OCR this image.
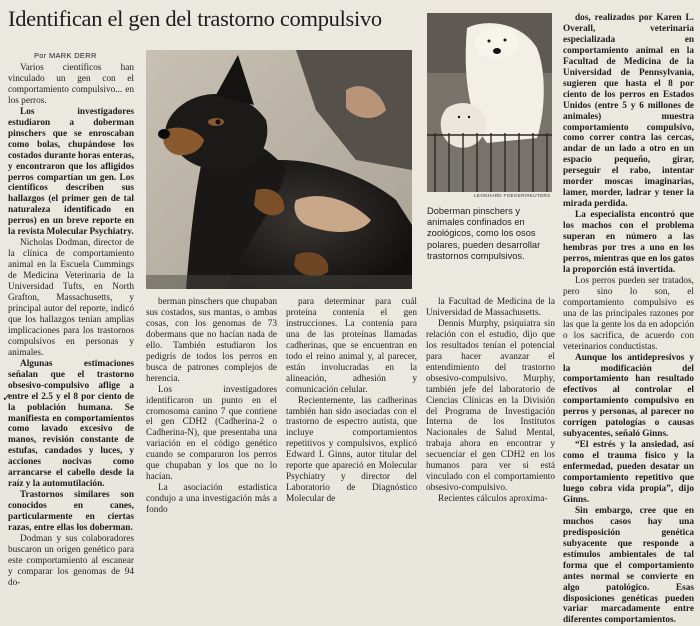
Identifican el gen del trastorno compulsivo
Por MARK DERR

Varios científicos han vinculado un gen con el comportamiento compulsivo... en los perros.

Los investigadores estudiaron a doberman pinschers que se enroscaban como bolas, chupándose los costados durante horas enteras, y encontraron que los afligidos perros compartían un gen. Los científicos describen sus hallazgos (el primer gen de tal naturaleza identificado en perros) en un breve reporte en la revista Molecular Psychiatry.

Nicholas Dodman, director de la clínica de comportamiento animal en la Escuela Cummings de Medicina Veterinaria de la Universidad Tufts, en North Grafton, Massachusetts, y principal autor del reporte, indicó que los hallazgos tenían amplias implicaciones para los trastornos compulsivos en personas y animales.

Algunas estimaciones señalan que el trastorno obsesivo-compulsivo aflige a entre el 2.5 y el 8 por ciento de la población humana. Se manifiesta en comportamientos como lavado excesivo de manos, revisión constante de estufas, candados y luces, y acciones nocivas como arrancarse el cabello desde la raíz y la automutilación.

Trastornos similares son conocidos en canes, particularmente en ciertas razas, entre ellas los doberman.

Dodman y sus colaboradores buscaron un origen genético para este comportamiento al escanear y comparar los genomas de 94 do-

LEONHARD FOEGER/REUTERS
Doberman pinschers y animales confinados en zoológicos, como los osos polares, pueden desarrollar trastornos compulsivos.

berman pinschers que chupaban sus costados, sus mantas, o ambas cosas, con los genomas de 73 dobermans que no hacían nada de ello. También estudiaron los pedigrís de todos los perros en busca de patrones complejos de herencia.

Los investigadores identificaron un punto en el cromosoma canino 7 que contiene el gen CDH2 (Cadherina-2 o Cadherina-N), que presentaba una variación en el código genético cuando se compararon los perros que chupaban y los que no lo hacían.

La asociación estadística condujo a una investigación más a fondo

para determinar para cuál proteína contenía el gen instrucciones. La contenía para una de las proteínas llamadas cadherinas, que se encuentran en todo el reino animal y, al parecer, están involucradas en la alineación, adhesión y comunicación celular.

Recientemente, las cadherinas también han sido asociadas con el trastorno de espectro autista, que incluye comportamientos repetitivos y compulsivos, explicó Edward I. Ginns, autor titular del reporte que apareció en Molecular Psychiatry y director del Laboratorio de Diagnóstico Molecular de

la Facultad de Medicina de la Universidad de Massachusetts.

Dennis Murphy, psiquiatra sin relación con el estudio, dijo que los resultados tenían el potencial para hacer avanzar el entendimiento del trastorno obsesivo-compulsivo. Murphy, también jefe del laboratorio de Ciencias Clínicas en la División del Programa de Investigación Interna de los Institutos Nacionales de Salud Mental, trabaja ahora en encontrar y secuenciar el gen CDH2 en los humanos para ver si está vinculado con el comportamiento obsesivo-compulsivo.

Recientes cálculos aproxima-

dos, realizados por Karen L. Overall, veterinaria especializada en comportamiento animal en la Facultad de Medicina de la Universidad de Pennsylvania, sugieren que hasta el 8 por ciento de los perros en Estados Unidos (entre 5 y 6 millones de animales) muestra comportamiento compulsivo, como correr contra las cercas, andar de un lado a otro en un espacio pequeño, girar, perseguir el rabo, intentar morder moscas imaginarias, lamer, morder, ladrar y tener la mirada perdida.

La especialista encontró que los machos con el problema superan en número a las hembras por tres a uno en los perros, mientras que en los gatos la proporción está invertida.

Los perros pueden ser tratados, pero sino lo son, el comportamiento compulsivo es una de las principales razones por las que la gente los da en adopción o los sacrifica, de acuerdo con veterinarios conductistas.

Aunque los antidepresivos y la modificación del comportamiento han resultado efectivos al controlar el comportamiento compulsivo en perros y personas, al parecer no corrigen patologías o causas subyacentes, señaló Ginns.

“El estrés y la ansiedad, así como el trauma físico y la enfermedad, pueden desatar un comportamiento repetitivo que luego cobra vida propia”, dijo Ginns.

Sin embargo, cree que en muchos casos hay una predisposición genética subyacente que responde a estímulos ambientales de tal forma que el comportamiento antes normal se convierte en algo patológico. Esas disposiciones genéticas pueden variar marcadamente entre diferentes comportamientos.

✓
